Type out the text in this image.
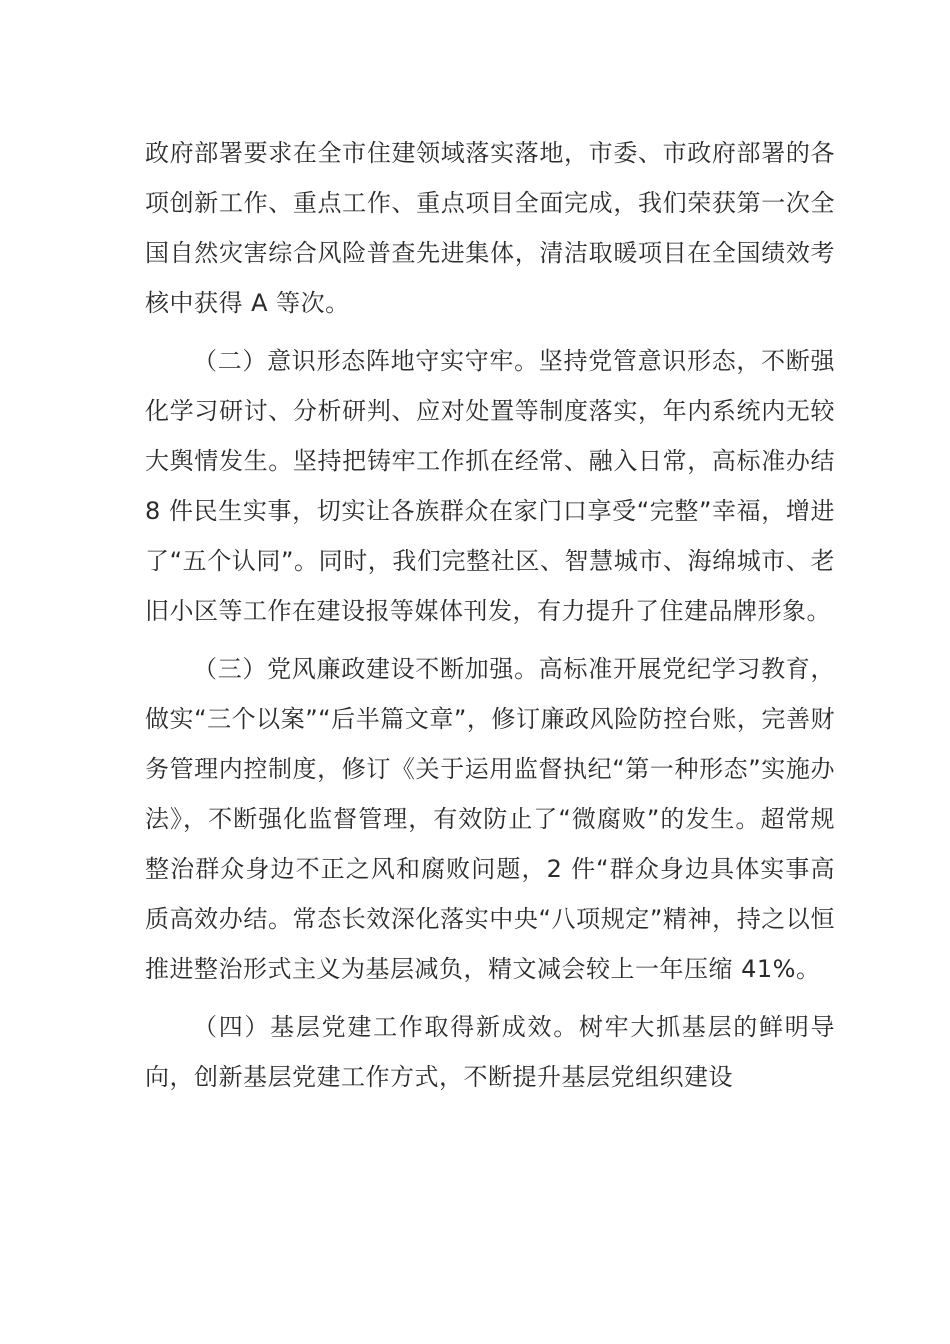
政府部署要求在全市住建领域落实落地，市委、市政府部署的各项创新工作、重点工作、重点项目全面完成，我们荣获第一次全国自然灾害综合风险普查先进集体，清洁取暖项目在全国绩效考核中获得 A 等次。

（二）意识形态阵地守实守牢。坚持党管意识形态，不断强化学习研讨、分析研判、应对处置等制度落实，年内系统内无较大舆情发生。坚持把铸牢工作抓在经常、融入日常，高标准办结 8 件民生实事，切实让各族群众在家门口享受“完整”幸福，增进了“五个认同”。同时，我们完整社区、智慧城市、海绵城市、老旧小区等工作在建设报等媒体刊发，有力提升了住建品牌形象。

（三）党风廉政建设不断加强。高标准开展党纪学习教育，做实“三个以案”“后半篇文章”，修订廉政风险防控台账，完善财务管理内控制度，修订《关于运用监督执纪“第一种形态”实施办法》，不断强化监督管理，有效防止了“微腐败”的发生。超常规整治群众身边不正之风和腐败问题，2 件“群众身边具体实事高质高效办结。常态长效深化落实中央“八项规定”精神，持之以恒推进整治形式主义为基层减负，精文减会较上一年压缩 41%。

（四）基层党建工作取得新成效。树牢大抓基层的鲜明导向，创新基层党建工作方式，不断提升基层党组织建设
